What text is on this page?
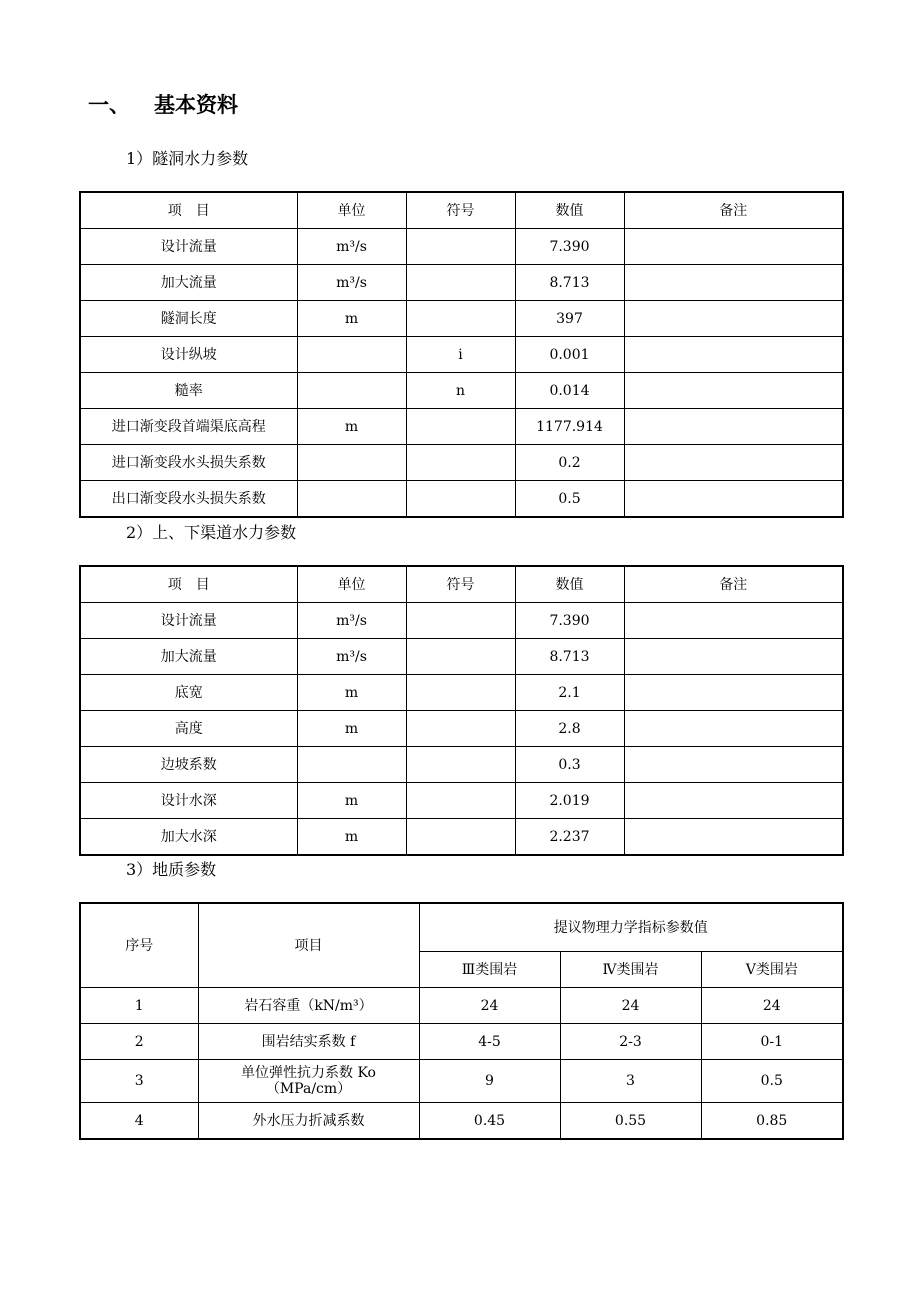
一、 基本资料
1）隧洞水力参数
项　目	单位	符号	数值	备注
设计流量	m³/s		7.390	
加大流量	m³/s		8.713	
隧洞长度	m		397	
设计纵坡		i	0.001	
糙率		n	0.014	
进口渐变段首端渠底高程	m		1177.914	
进口渐变段水头损失系数			0.2	
出口渐变段水头损失系数			0.5	
2）上、下渠道水力参数
项　目	单位	符号	数值	备注
设计流量	m³/s		7.390	
加大流量	m³/s		8.713	
底宽	m		2.1	
高度	m		2.8	
边坡系数			0.3	
设计水深	m		2.019	
加大水深	m		2.237	
3）地质参数
序号	项目	提议物理力学指标参数值		
		Ⅲ类围岩	Ⅳ类围岩	Ⅴ类围岩
1	岩石容重（kN/m³）	24	24	24
2	围岩结实系数 f	4-5	2-3	0-1
3	单位弹性抗力系数 Ko
（MPa/cm）	9	3	0.5
4	外水压力折减系数	0.45	0.55	0.85
